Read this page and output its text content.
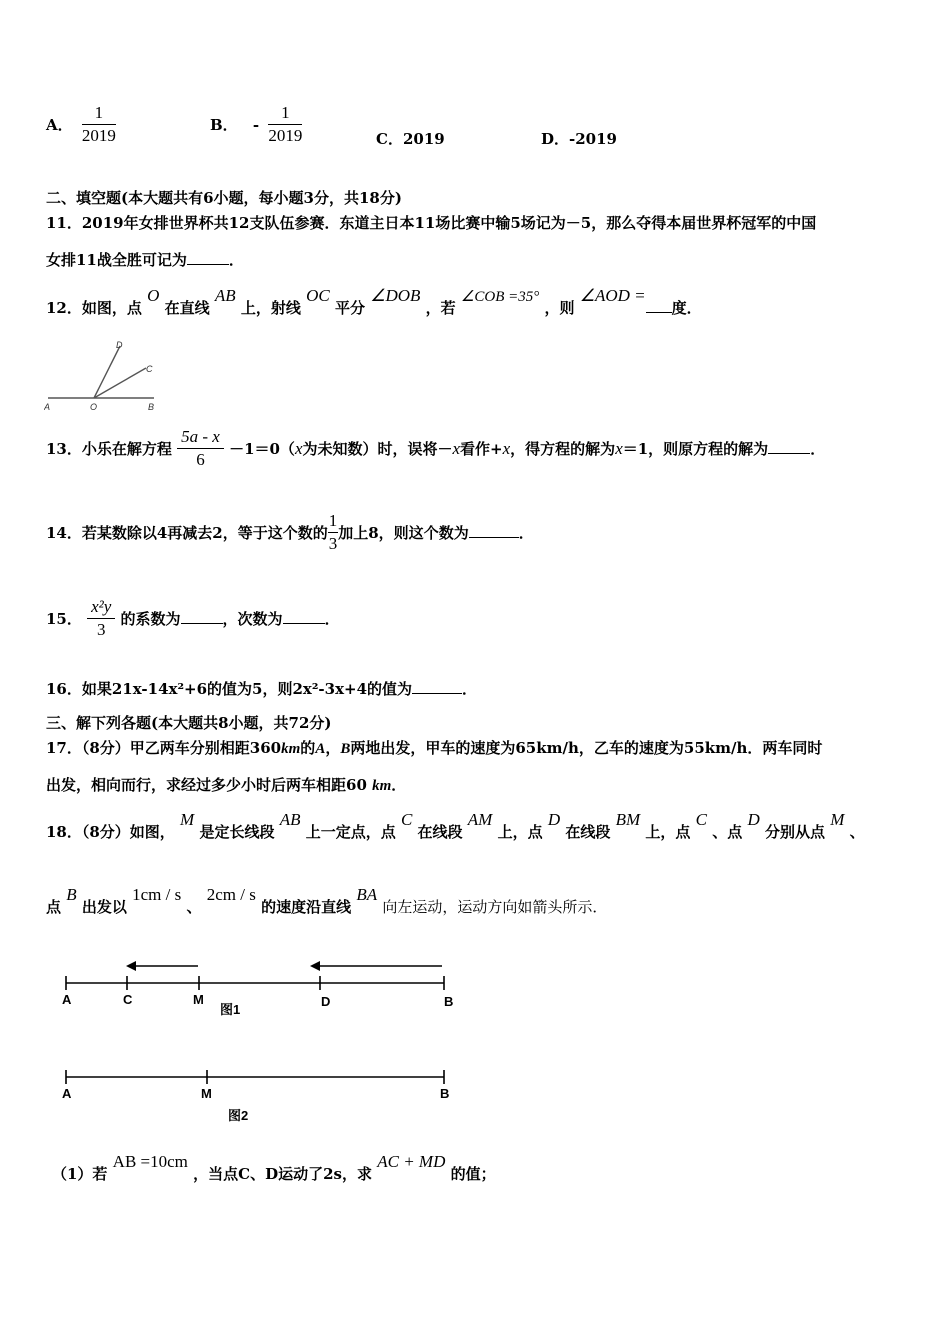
A． $\frac{1}{2019}$	B． - $\frac{1}{2019}$	C．2019	D．-2019
二、填空题(本大题共有6小题，每小题3分，共18分)
11．2019年女排世界杯共12支队伍参赛．东道主日本11场比赛中输5场记为－5，那么夺得本届世界杯冠军的中国
女排11战全胜可记为	．
12．如图，点 O 在直线 AB 上，射线 OC 平分 ∠DOB ，若 ∠COB =35° ，则 ∠AOD =度．
A	O	B
C
D
13．小乐在解方程 $\frac{5a - x}{6} -1=0(x$为未知数）时，误将－x看作+x，得方程的解为x＝1，则原方程的解为	．
14．若某数除以4再减去2，等于这个数的 $\frac{1}{3}$ 加上8，则这个数为	．
15． $\frac{\text{x²y}}{3}$ 的系数为	，次数为	．
16．如果21x-14x²+6的值为5，则2x²-3x+4的值为	．
三、解下列各题(本大题共8小题，共72分)
17．（8分）甲乙两车分别相距360km的A，B两地出发，甲车的速度为65km/h，乙车的速度为55km/h．两车同时
出发，相向而行，求经过多少小时后两车相距60 km．
18．（8分）如图， M 是定长线段 AB 上一定点，点 C 在线段 AM 上，点 D 在线段 BM 上，点 C 、点 D 分别从点 M 、
点 B 出发以 1cm / s 、 2cm / s 的速度沿直线 BA 向左运动，运动方向如箭头所示．
A	C	M	D	B
图1
A	M	B
图2
（1）若 AB =10cm ，当点C、D运动了2s，求 AC + MD 的值；
